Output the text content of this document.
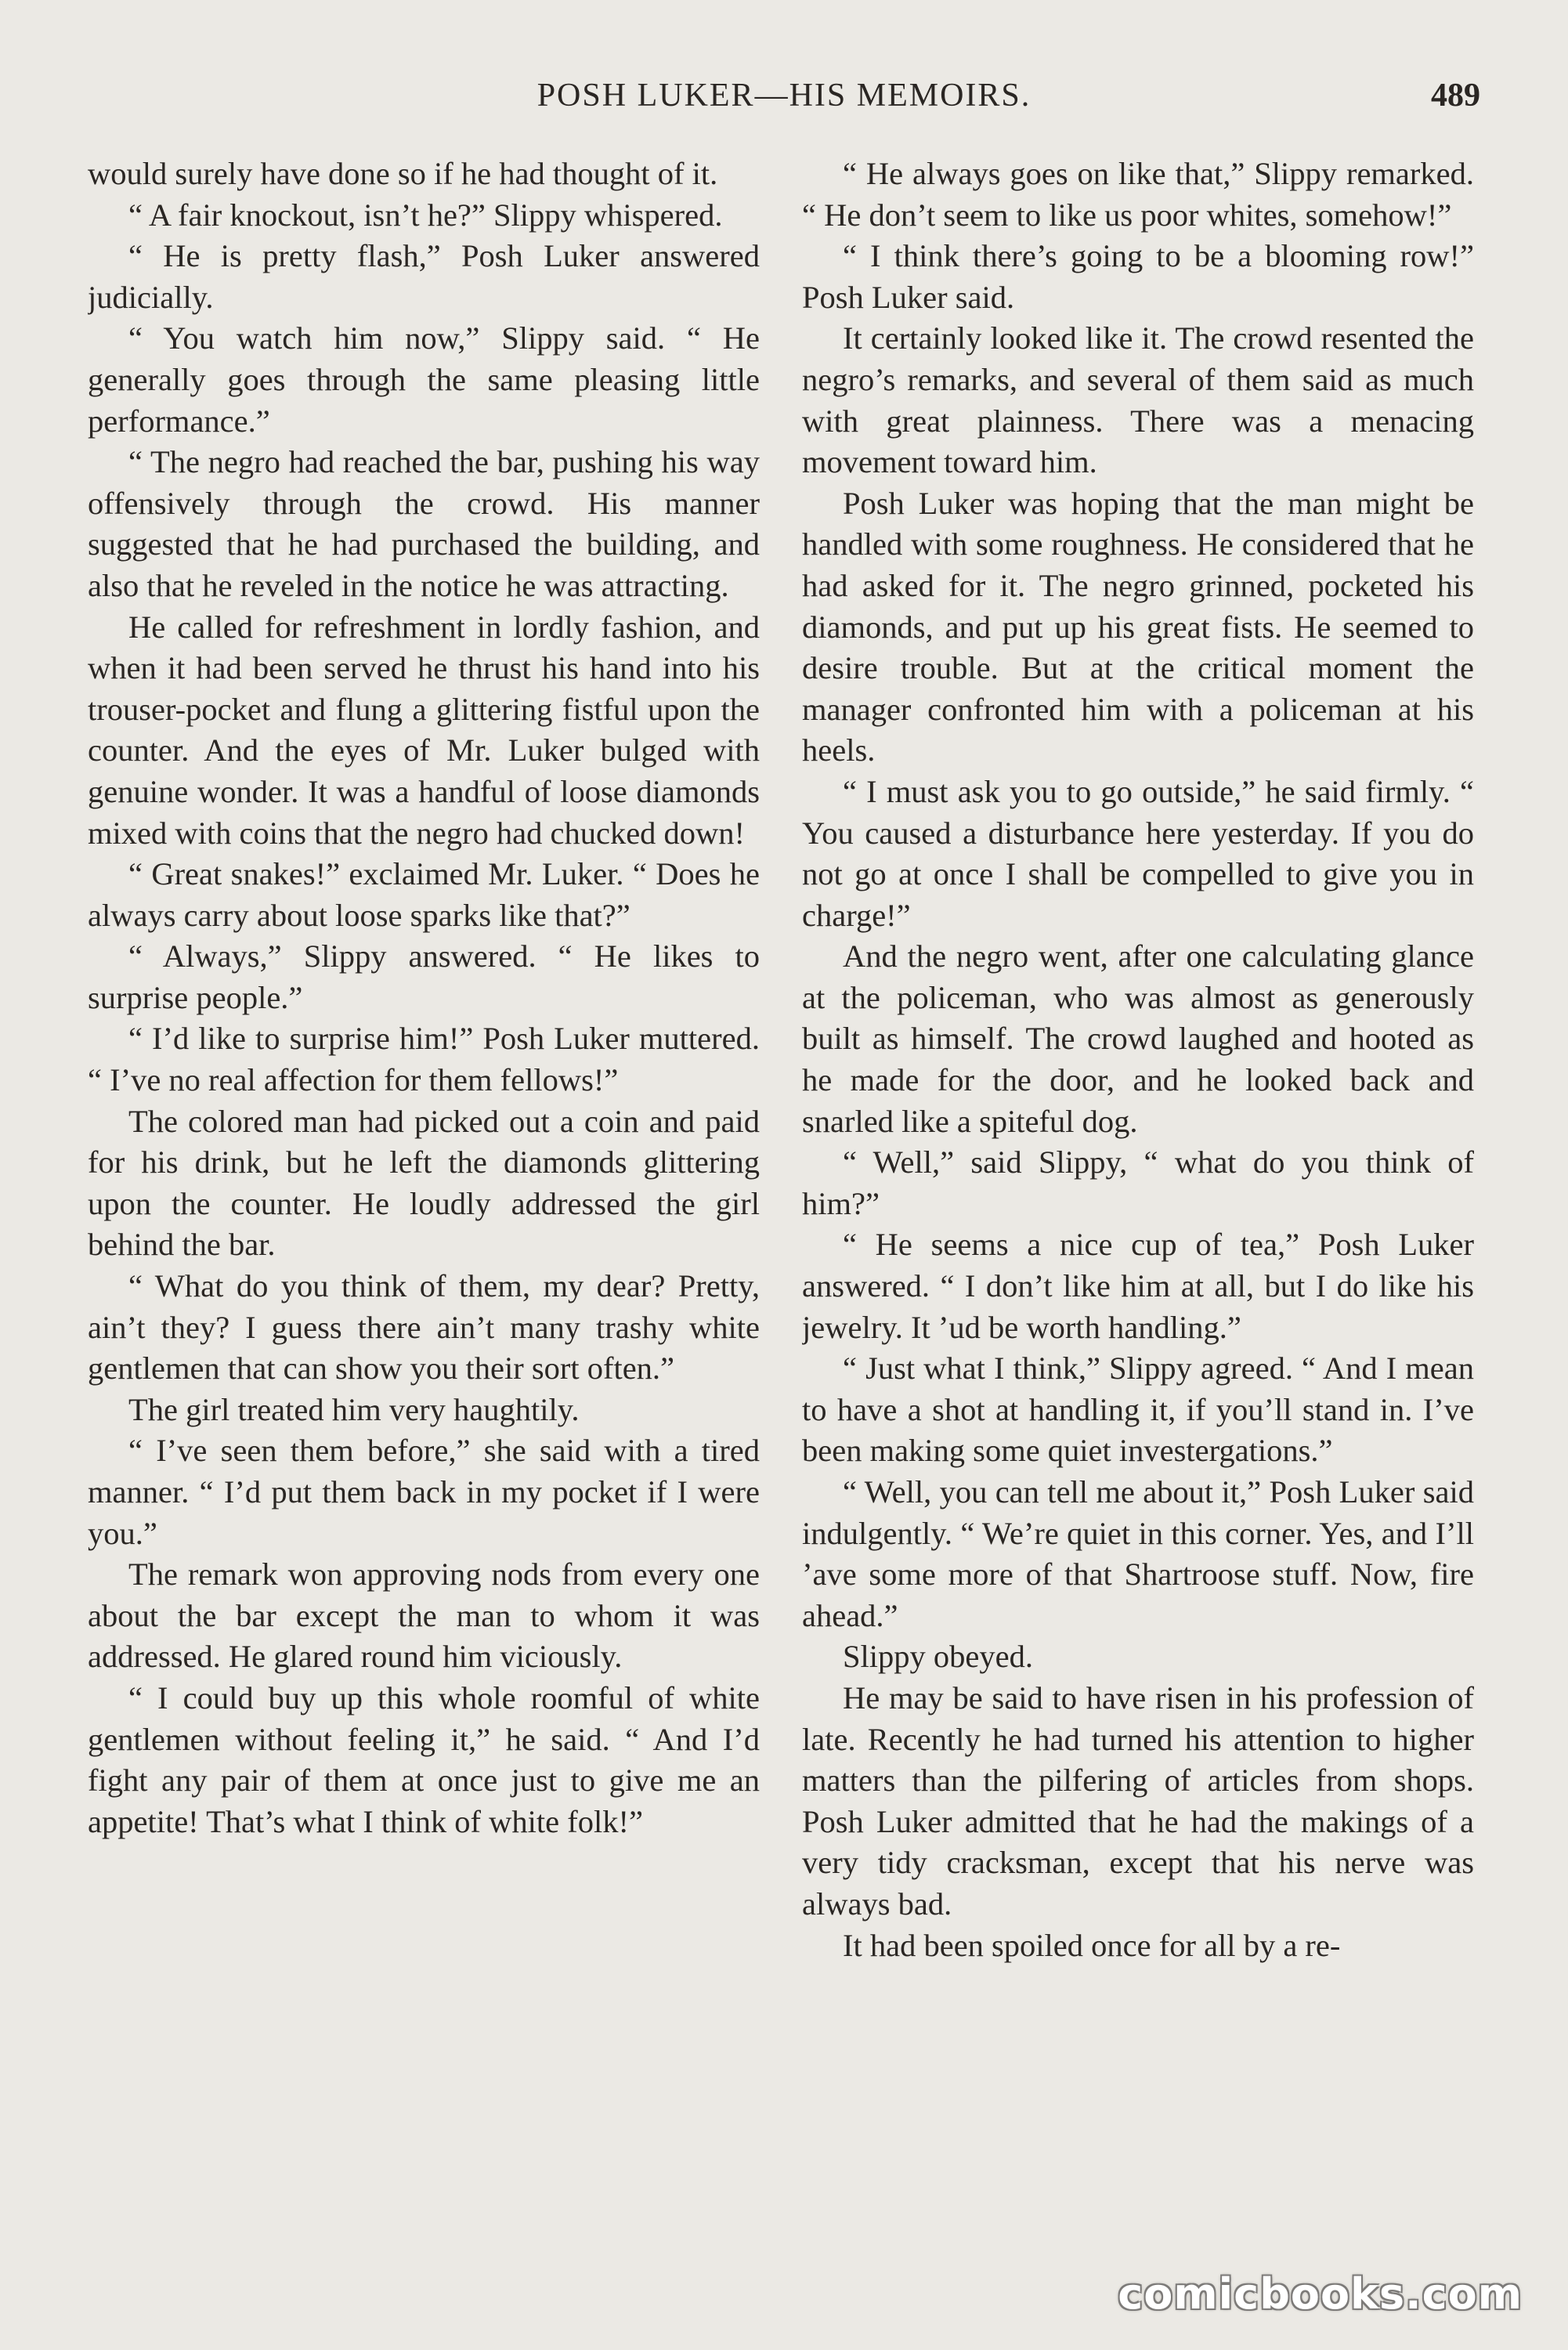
POSH LUKER—HIS MEMOIRS.	489

would surely have done so if he had thought of it.

“ A fair knockout, isn’t he?” Slippy whispered.

“ He is pretty flash,” Posh Luker answered judicially.

“ You watch him now,” Slippy said. “ He generally goes through the same pleasing little performance.”

“ The negro had reached the bar, pushing his way offensively through the crowd. His manner suggested that he had purchased the building, and also that he reveled in the notice he was attracting.

He called for refreshment in lordly fashion, and when it had been served he thrust his hand into his trouser-pocket and flung a glittering fistful upon the counter. And the eyes of Mr. Luker bulged with genuine wonder. It was a handful of loose diamonds mixed with coins that the negro had chucked down!

“ Great snakes!” exclaimed Mr. Luker. “ Does he always carry about loose sparks like that?”

“ Always,” Slippy answered. “ He likes to surprise people.”

“ I’d like to surprise him!” Posh Luker muttered. “ I’ve no real affection for them fellows!”

The colored man had picked out a coin and paid for his drink, but he left the diamonds glittering upon the counter. He loudly addressed the girl behind the bar.

“ What do you think of them, my dear? Pretty, ain’t they? I guess there ain’t many trashy white gentlemen that can show you their sort often.”

The girl treated him very haughtily.

“ I’ve seen them before,” she said with a tired manner. “ I’d put them back in my pocket if I were you.”

The remark won approving nods from every one about the bar except the man to whom it was addressed. He glared round him viciously.

“ I could buy up this whole roomful of white gentlemen without feeling it,” he said. “ And I’d fight any pair of them at once just to give me an appetite! That’s what I think of white folk!”

“ He always goes on like that,” Slippy remarked. “ He don’t seem to like us poor whites, somehow!”

“ I think there’s going to be a blooming row!” Posh Luker said.

It certainly looked like it. The crowd resented the negro’s remarks, and several of them said as much with great plainness. There was a menacing movement toward him.

Posh Luker was hoping that the man might be handled with some roughness. He considered that he had asked for it. The negro grinned, pocketed his diamonds, and put up his great fists. He seemed to desire trouble. But at the critical moment the manager confronted him with a policeman at his heels.

“ I must ask you to go outside,” he said firmly. “ You caused a disturbance here yesterday. If you do not go at once I shall be compelled to give you in charge!”

And the negro went, after one calculating glance at the policeman, who was almost as generously built as himself. The crowd laughed and hooted as he made for the door, and he looked back and snarled like a spiteful dog.

“ Well,” said Slippy, “ what do you think of him?”

“ He seems a nice cup of tea,” Posh Luker answered. “ I don’t like him at all, but I do like his jewelry. It ’ud be worth handling.”

“ Just what I think,” Slippy agreed. “ And I mean to have a shot at handling it, if you’ll stand in. I’ve been making some quiet investergations.”

“ Well, you can tell me about it,” Posh Luker said indulgently. “ We’re quiet in this corner. Yes, and I’ll ’ave some more of that Shartroose stuff. Now, fire ahead.”

Slippy obeyed.

He may be said to have risen in his profession of late. Recently he had turned his attention to higher matters than the pilfering of articles from shops. Posh Luker admitted that he had the makings of a very tidy cracksman, except that his nerve was always bad.

It had been spoiled once for all by a re-

comicbooks.com
